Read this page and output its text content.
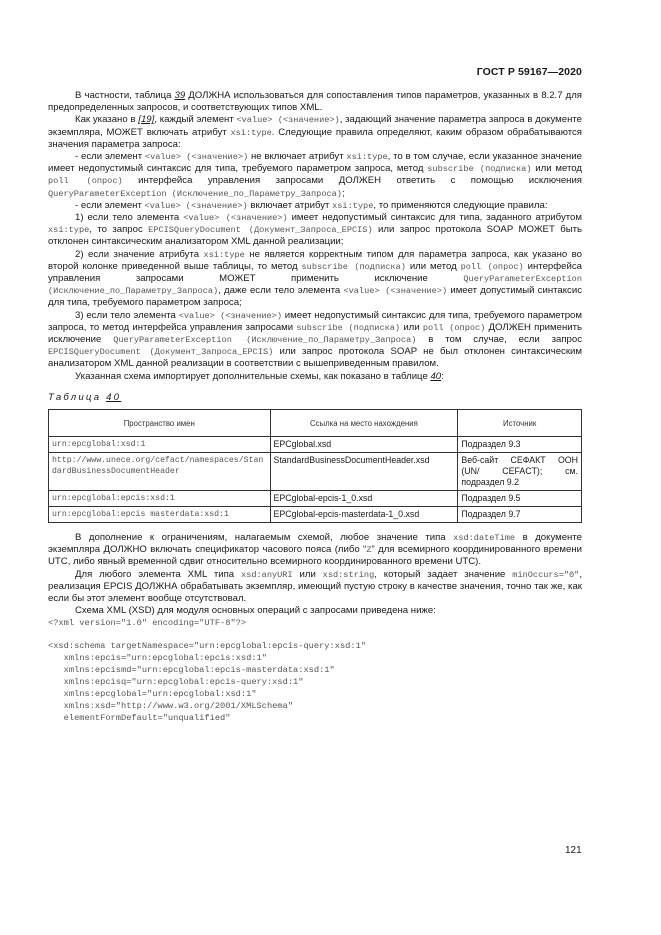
ГОСТ Р 59167—2020

В частности, таблица 39 ДОЛЖНА использоваться для сопоставления типов параметров, указанных в 8.2.7 для предопределенных запросов, и соответствующих типов XML.

Как указано в [19], каждый элемент <value> (<значение>), задающий значение параметра запроса в документе экземпляра, МОЖЕТ включать атрибут xsi:type. Следующие правила определяют, каким образом обрабатываются значения параметра запроса:

- если элемент <value> (<значение>) не включает атрибут xsi:type, то в том случае, если указанное значение имеет недопустимый синтаксис для типа, требуемого параметром запроса, метод subscribe (подписка) или метод poll (опрос) интерфейса управления запросами ДОЛЖЕН ответить с помощью исключения QueryParameterException (Исключение_по_Параметру_Запроса);

- если элемент <value> (<значение>) включает атрибут xsi:type, то применяются следующие правила:

1) если тело элемента <value> (<значение>) имеет недопустимый синтаксис для типа, заданного атрибутом xsi:type, то запрос EPCISQueryDocument (Документ_Запроса_EPCIS) или запрос протокола SOAP МОЖЕТ быть отклонен синтаксическим анализатором XML данной реализации;

2) если значение атрибута xsi:type не является корректным типом для параметра запроса, как указано во второй колонке приведенной выше таблицы, то метод subscribe (подписка) или метод poll (опрос) интерфейса управления запросами МОЖЕТ применить исключение QueryParameterException (Исключение_по_Параметру_Запроса), даже если тело элемента <value> (<значение>) имеет допустимый синтаксис для типа, требуемого параметром запроса;

3) если тело элемента <value> (<значение>) имеет недопустимый синтаксис для типа, требуемого параметром запроса, то метод интерфейса управления запросами subscribe (подписка) или poll (опрос) ДОЛЖЕН применить исключение QueryParameterException (Исключение_по_Параметру_Запроса) в том случае, если запрос EPCISQueryDocument (Документ_Запроса_EPCIS) или запрос протокола SOAP не был отклонен синтаксическим анализатором XML данной реализации в соответствии с вышеприведенным правилом.

Указанная схема импортирует дополнительные схемы, как показано в таблице 40:

Таблица 40
Пространство имен	Ссылка на место нахождения	Источник
urn:epcglobal:xsd:1	EPCglobal.xsd	Подраздел 9.3
http://www.unece.org/cefact/namespaces/StandardBusinessDocumentHeader	StandardBusinessDocumentHeader.xsd	Веб-сайт СЕФАКТ ООН (UN/ CEFACT); см. подраздел 9.2
urn:epcglobal:epcis:xsd:1	EPCglobal-epcis-1_0.xsd	Подраздел 9.5
urn:epcglobal:epcis masterdata:xsd:1	EPCglobal-epcis-masterdata-1_0.xsd	Подраздел 9.7

В дополнение к ограничениям, налагаемым схемой, любое значение типа xsd:dateTime в документе экземпляра ДОЛЖНО включать спецификатор часового пояса (либо “Z” для всемирного координированного времени UTC, либо явный временной сдвиг относительно всемирного координированного времени UTC).

Для любого элемента XML типа xsd:anyURI или xsd:string, который задает значение minOccurs="0", реализация EPCIS ДОЛЖНА обрабатывать экземпляр, имеющий пустую строку в качестве значения, точно так же, как если бы этот элемент вообще отсутствовал.

Схема XML (XSD) для модуля основных операций с запросами приведена ниже:

<?xml version="1.0" encoding="UTF-8"?>
<xsd:schema targetNamespace="urn:epcglobal:epcis-query:xsd:1"
xmlns:epcis="urn:epcglobal:epcis:xsd:1"
xmlns:epcismd="urn:epcglobal:epcis-masterdata:xsd:1"
xmlns:epcisq="urn:epcglobal:epcis-query:xsd:1"
xmlns:epcglobal="urn:epcglobal:xsd:1"
xmlns:xsd="http://www.w3.org/2001/XMLSchema"
elementFormDefault="unqualified"
121
